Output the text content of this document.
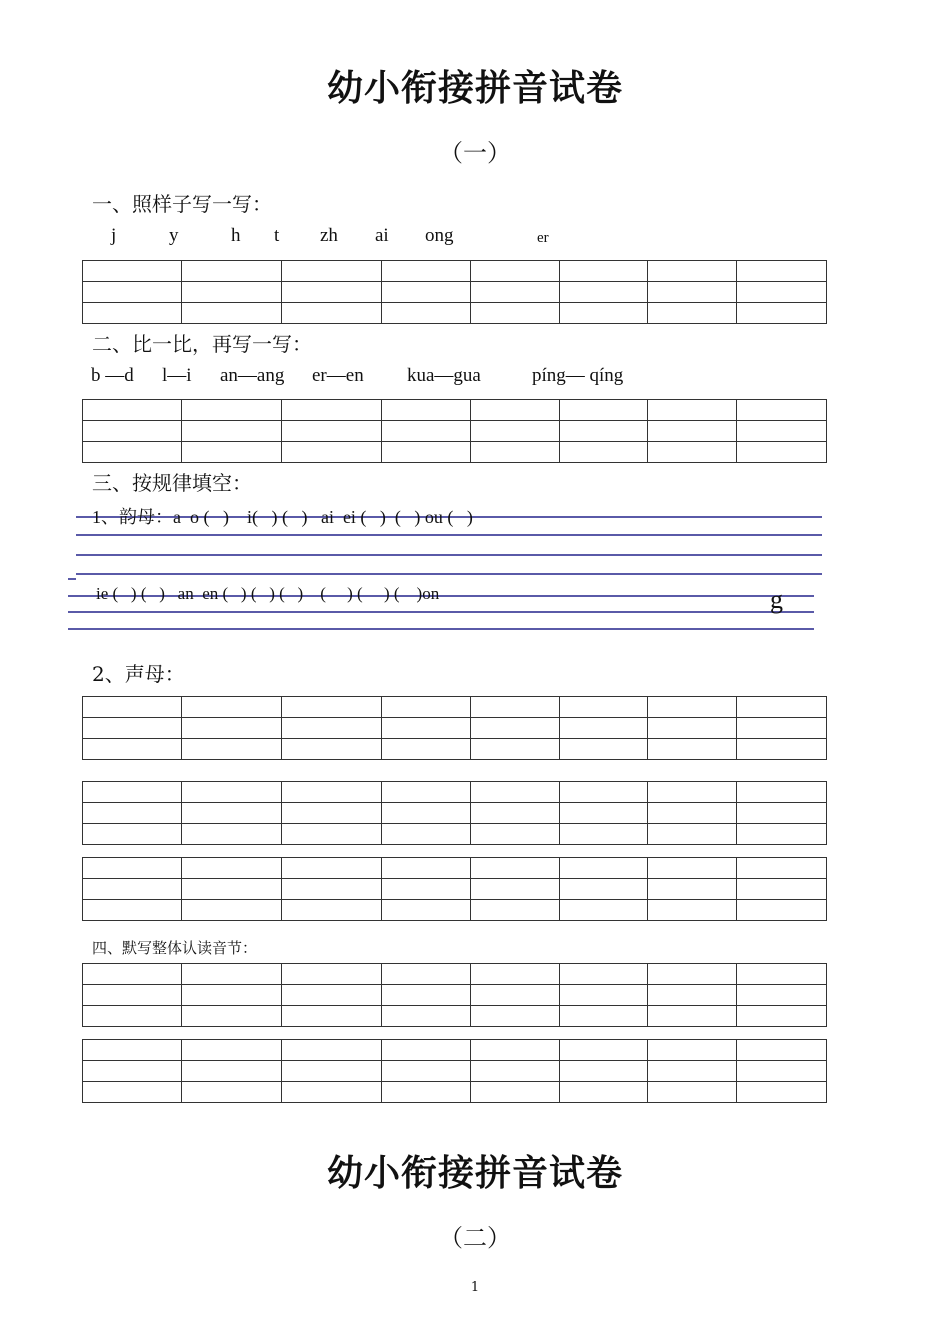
幼小衔接拼音试卷
（一）
一、照样子写一写：
j	y	h t zh ai ong	er

二、比一比，再写一写：
b —d l—i an—ang er—en kua—gua	píng— qíng

三、按规律填空：
1、韵母：a  o (   )    i(   ) (   )   ai  ei (   )  (   ) ou (   )
ie (   ) (   )   an  en (   ) (   ) (   )    (     ) (     ) (    )on	g
2、声母：

四、默写整体认读音节：

幼小衔接拼音试卷
（二）
1
